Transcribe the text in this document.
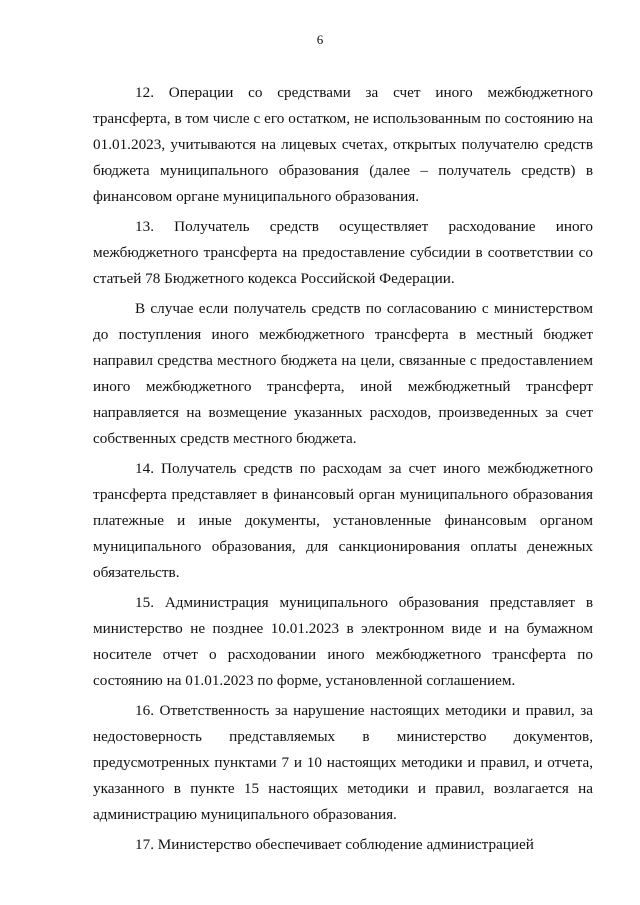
6

12. Операции со средствами за счет иного межбюджетного трансферта, в том числе с его остатком, не использованным по состоянию на 01.01.2023, учитываются на лицевых счетах, открытых получателю средств бюджета муниципального образования (далее – получатель средств) в финансовом органе муниципального образования.

13. Получатель средств осуществляет расходование иного межбюджетного трансферта на предоставление субсидии в соответствии со статьей 78 Бюджетного кодекса Российской Федерации.

В случае если получатель средств по согласованию с министерством до поступления иного межбюджетного трансферта в местный бюджет направил средства местного бюджета на цели, связанные с предоставлением иного межбюджетного трансферта, иной межбюджетный трансферт направляется на возмещение указанных расходов, произведенных за счет собственных средств местного бюджета.

14. Получатель средств по расходам за счет иного межбюджетного трансферта представляет в финансовый орган муниципального образования платежные и иные документы, установленные финансовым органом муниципального образования, для санкционирования оплаты денежных обязательств.

15. Администрация муниципального образования представляет в министерство не позднее 10.01.2023 в электронном виде и на бумажном носителе отчет о расходовании иного межбюджетного трансферта по состоянию на 01.01.2023 по форме, установленной соглашением.

16. Ответственность за нарушение настоящих методики и правил, за недостоверность представляемых в министерство документов, предусмотренных пунктами 7 и 10 настоящих методики и правил, и отчета, указанного в пункте 15 настоящих методики и правил, возлагается на администрацию муниципального образования.

17. Министерство обеспечивает соблюдение администрацией
